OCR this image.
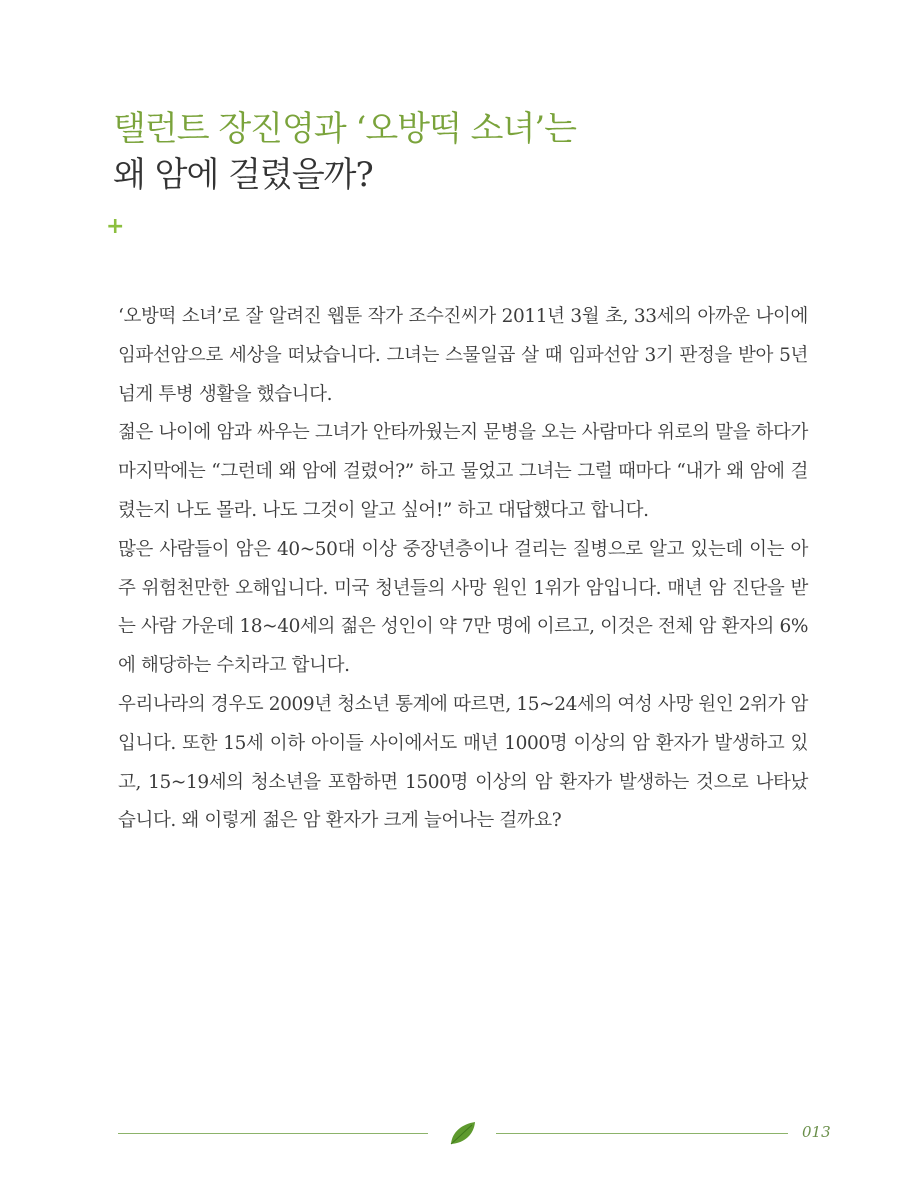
탤런트 장진영과 ‘오방떡 소녀’는
왜 암에 걸렸을까?
+

‘오방떡 소녀’로 잘 알려진 웹툰 작가 조수진씨가 2011년 3월 초, 33세의 아까운 나이에 임파선암으로 세상을 떠났습니다. 그녀는 스물일곱 살 때 임파선암 3기 판정을 받아 5년 넘게 투병 생활을 했습니다.

젊은 나이에 암과 싸우는 그녀가 안타까웠는지 문병을 오는 사람마다 위로의 말을 하다가 마지막에는 “그런데 왜 암에 걸렸어?” 하고 물었고 그녀는 그럴 때마다 “내가 왜 암에 걸렸는지 나도 몰라. 나도 그것이 알고 싶어!” 하고 대답했다고 합니다.

많은 사람들이 암은 40~50대 이상 중장년층이나 걸리는 질병으로 알고 있는데 이는 아주 위험천만한 오해입니다. 미국 청년들의 사망 원인 1위가 암입니다. 매년 암 진단을 받는 사람 가운데 18~40세의 젊은 성인이 약 7만 명에 이르고, 이것은 전체 암 환자의 6%에 해당하는 수치라고 합니다.

우리나라의 경우도 2009년 청소년 통계에 따르면, 15~24세의 여성 사망 원인 2위가 암입니다. 또한 15세 이하 아이들 사이에서도 매년 1000명 이상의 암 환자가 발생하고 있고, 15~19세의 청소년을 포함하면 1500명 이상의 암 환자가 발생하는 것으로 나타났습니다. 왜 이렇게 젊은 암 환자가 크게 늘어나는 걸까요?

013
